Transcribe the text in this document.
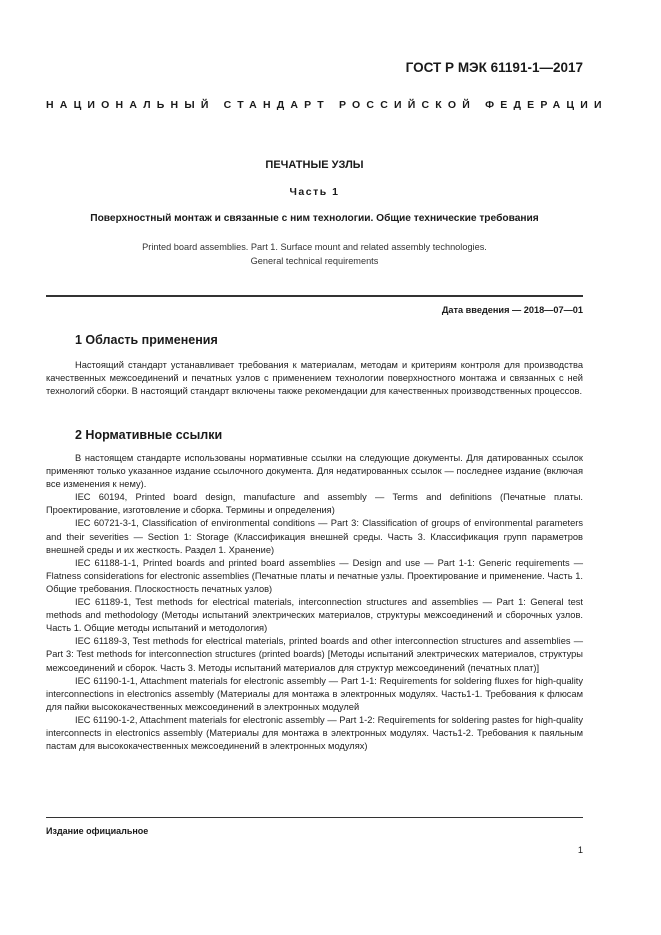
ГОСТ Р МЭК 61191-1—2017
НАЦИОНАЛЬНЫЙ СТАНДАРТ РОССИЙСКОЙ ФЕДЕРАЦИИ
ПЕЧАТНЫЕ УЗЛЫ
Часть 1
Поверхностный монтаж и связанные с ним технологии. Общие технические требования
Printed board assemblies. Part 1. Surface mount and related assembly technologies.
General technical requirements
Дата введения — 2018—07—01
1 Область применения

Настоящий стандарт устанавливает требования к материалам, методам и критериям контроля для производства качественных межсоединений и печатных узлов с применением технологии поверхностного монтажа и связанных с ней технологий сборки. В настоящий стандарт включены также рекомендации для качественных производственных процессов.

2 Нормативные ссылки

В настоящем стандарте использованы нормативные ссылки на следующие документы. Для датированных ссылок применяют только указанное издание ссылочного документа. Для недатированных ссылок — последнее издание (включая все изменения к нему).

IEC 60194, Printed board design, manufacture and assembly — Terms and definitions (Печатные платы. Проектирование, изготовление и сборка. Термины и определения)

IEC 60721-3-1, Classification of environmental conditions — Part 3: Classification of groups of environmental parameters and their severities — Section 1: Storage (Классификация внешней среды. Часть 3. Классификация групп параметров внешней среды и их жесткость. Раздел 1. Хранение)

IEC 61188-1-1, Printed boards and printed board assemblies — Design and use — Part 1-1: Generic requirements — Flatness considerations for electronic assemblies (Печатные платы и печатные узлы. Проектирование и применение. Часть 1. Общие требования. Плоскостность печатных узлов)

IEC 61189-1, Test methods for electrical materials, interconnection structures and assemblies — Part 1: General test methods and methodology (Методы испытаний электрических материалов, структуры межсоединений и сборочных узлов. Часть 1. Общие методы испытаний и методология)

IEC 61189-3, Test methods for electrical materials, printed boards and other interconnection structures and assemblies — Part 3: Test methods for interconnection structures (printed boards) [Методы испытаний электрических материалов, структуры межсоединений и сборок. Часть 3. Методы испытаний материалов для структур межсоединений (печатных плат)]

IEC 61190-1-1, Attachment materials for electronic assembly — Part 1-1: Requirements for soldering fluxes for high-quality interconnections in electronics assembly (Материалы для монтажа в электронных модулях. Часть1-1. Требования к флюсам для пайки высококачественных межсоединений в электронных модулей

IEC 61190-1-2, Attachment materials for electronic assembly — Part 1-2: Requirements for soldering pastes for high-quality interconnects in electronics assembly (Материалы для монтажа в электронных модулях. Часть1-2. Требования к паяльным пастам для высококачественных межсоединений в электронных модулях)

Издание официальное
1
